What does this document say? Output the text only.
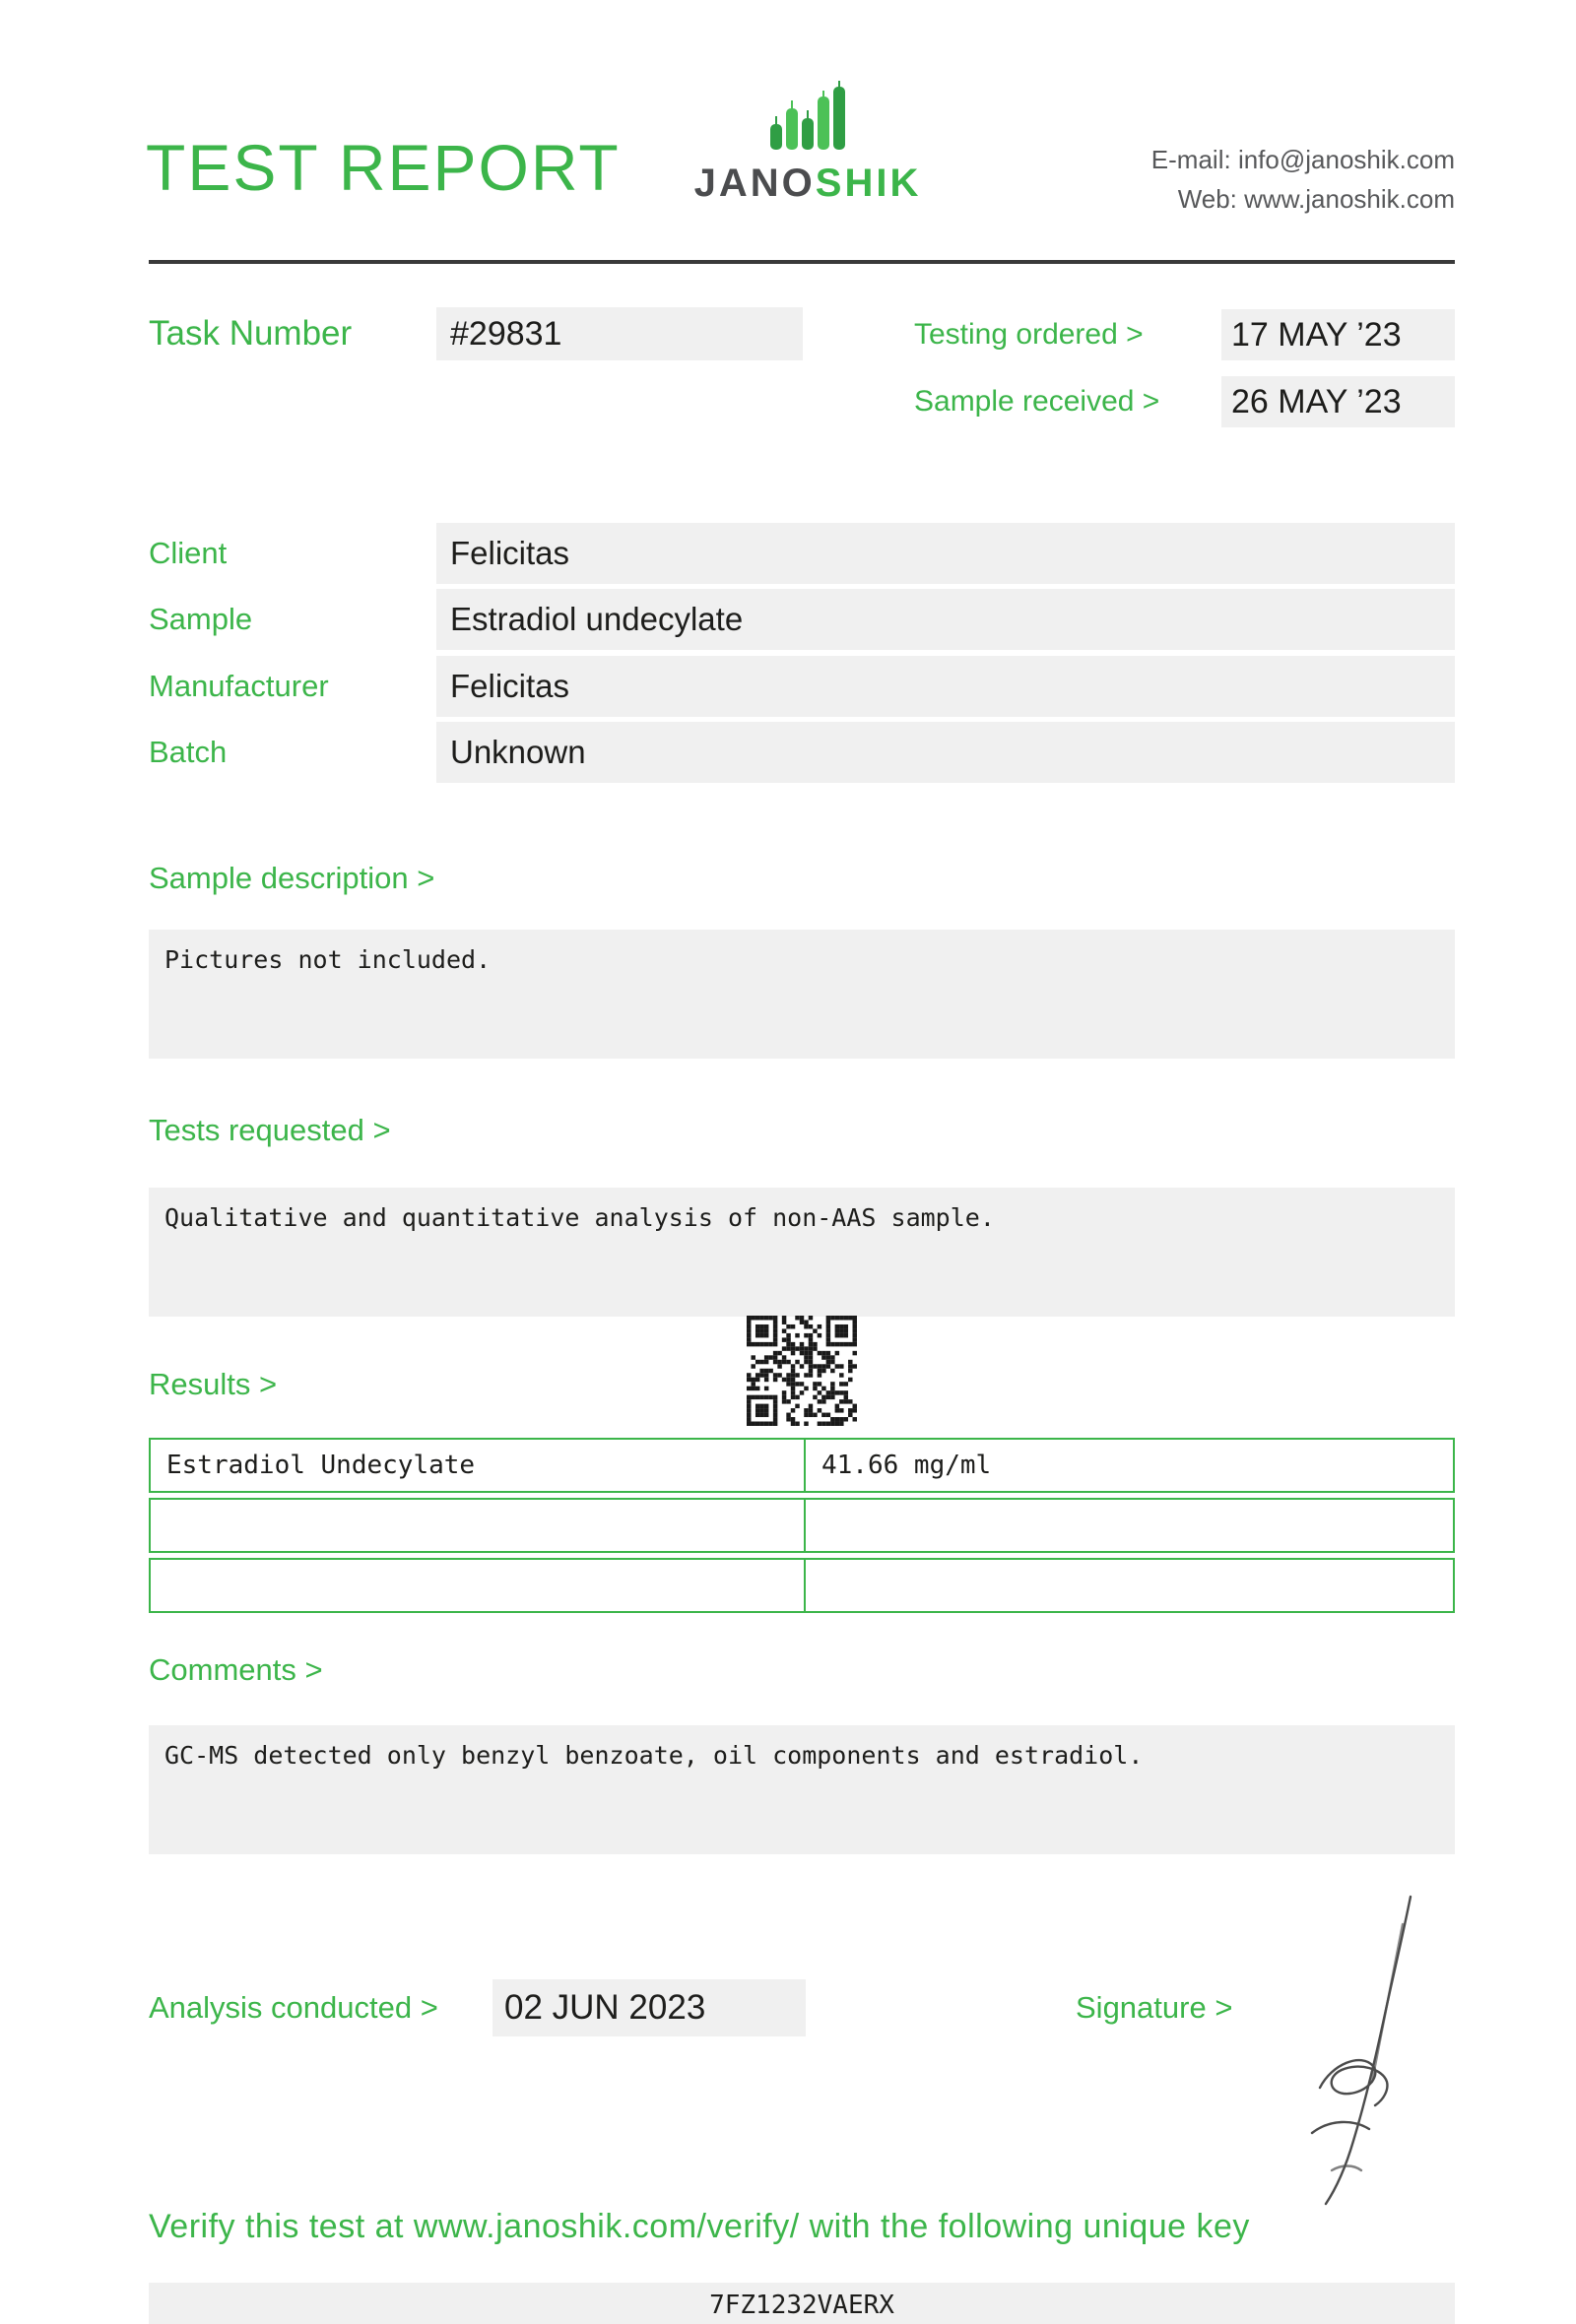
TEST REPORT JANOSHIK
E-mail: info@janoshik.com
Web: www.janoshik.com
Task Number	#29831	Testing ordered >	17 MAY ’23
Sample received > 26 MAY ’23
Client	Felicitas
Sample	Estradiol undecylate
Manufacturer	Felicitas
Batch	Unknown
Sample description >
Pictures not included.
Tests requested >
Qualitative and quantitative analysis of non-AAS sample.
Results >
Estradiol Undecylate	41.66 mg/ml
Comments >
GC-MS detected only benzyl benzoate, oil components and estradiol.
Analysis conducted >	02 JUN 2023	Signature >
Verify this test at www.janoshik.com/verify/ with the following unique key
7FZ1232VAERX
